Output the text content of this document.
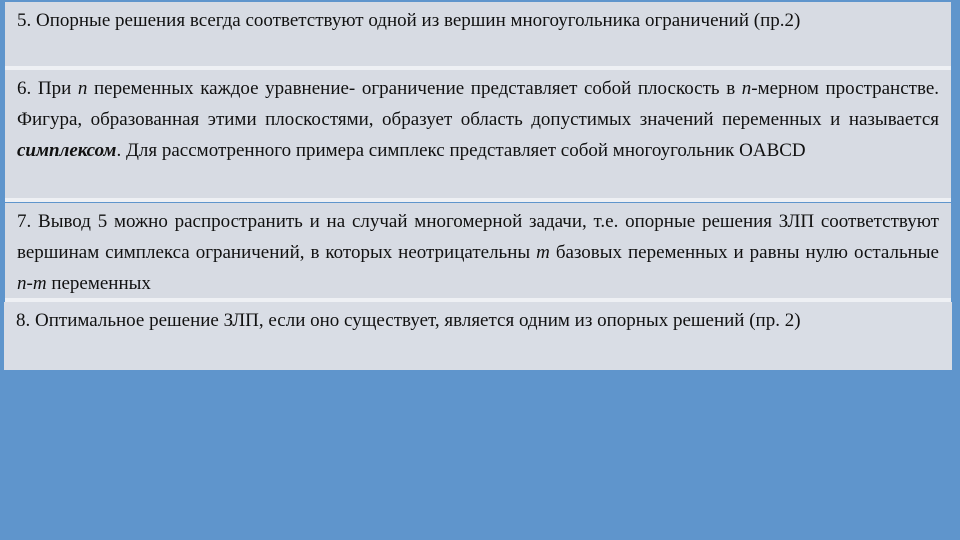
5. Опорные решения всегда соответствуют одной из вершин многоугольника ограничений (пр.2)
6. При n переменных каждое уравнение- ограничение представляет собой плоскость в n-мерном пространстве. Фигура, образованная этими плоскостями, образует область допустимых значений переменных и называется симплексом. Для рассмотренного примера симплекс представляет собой многоугольник OABCD
7. Вывод 5 можно распространить и на случай многомерной задачи, т.е. опорные решения ЗЛП соответствуют вершинам симплекса ограничений, в которых неотрицательны m базовых переменных и равны нулю остальные n-m переменных
8. Оптимальное решение ЗЛП, если оно существует, является одним из опорных решений (пр. 2)
